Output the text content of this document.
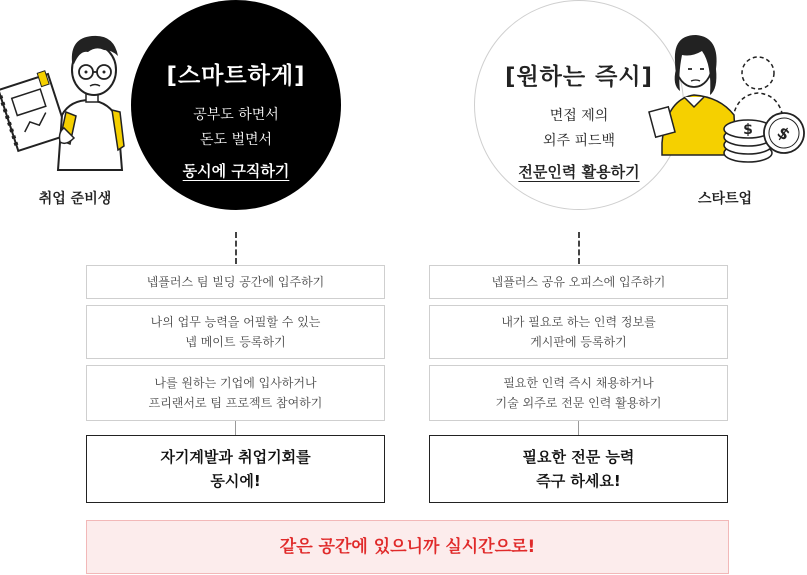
취업 준비생
[스마트하게]
공부도 하면서
돈도 벌면서
동시에 구직하기
넵플러스 팀 빌딩 공간에 입주하기
나의 업무 능력을 어필할 수 있는
넵 메이트 등록하기
나를 원하는 기업에 입사하거나
프리랜서로 팀 프로젝트 참여하기
자기계발과 취업기회를
동시에!
[원하는 즉시]
면접 제의
외주 피드백
전문인력 활용하기
$ $
스타트업
넵플러스 공유 오피스에 입주하기
내가 필요로 하는 인력 정보를
게시판에 등록하기
필요한 인력 즉시 채용하거나
기술 외주로 전문 인력 활용하기
필요한 전문 능력
즉구 하세요!
같은 공간에 있으니까 실시간으로!
